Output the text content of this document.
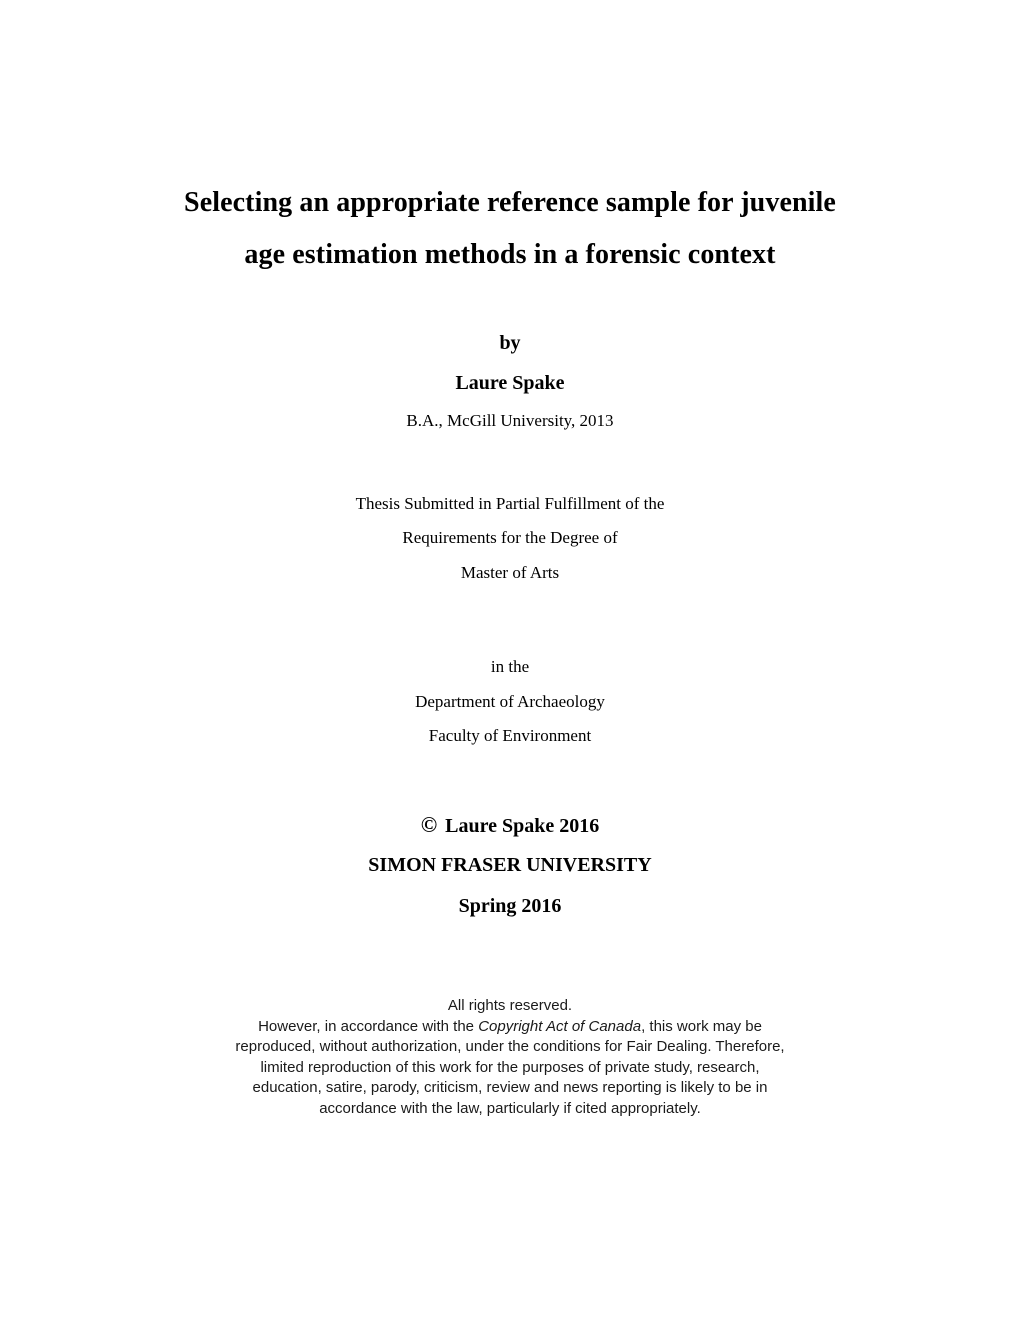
Selecting an appropriate reference sample for juvenile
age estimation methods in a forensic context
by
Laure Spake
B.A., McGill University, 2013
Thesis Submitted in Partial Fulfillment of the
Requirements for the Degree of
Master of Arts
in the
Department of Archaeology
Faculty of Environment
© Laure Spake 2016
SIMON FRASER UNIVERSITY
Spring 2016
All rights reserved.
However, in accordance with the Copyright Act of Canada, this work may be
reproduced, without authorization, under the conditions for Fair Dealing. Therefore,
limited reproduction of this work for the purposes of private study, research,
education, satire, parody, criticism, review and news reporting is likely to be in
accordance with the law, particularly if cited appropriately.
